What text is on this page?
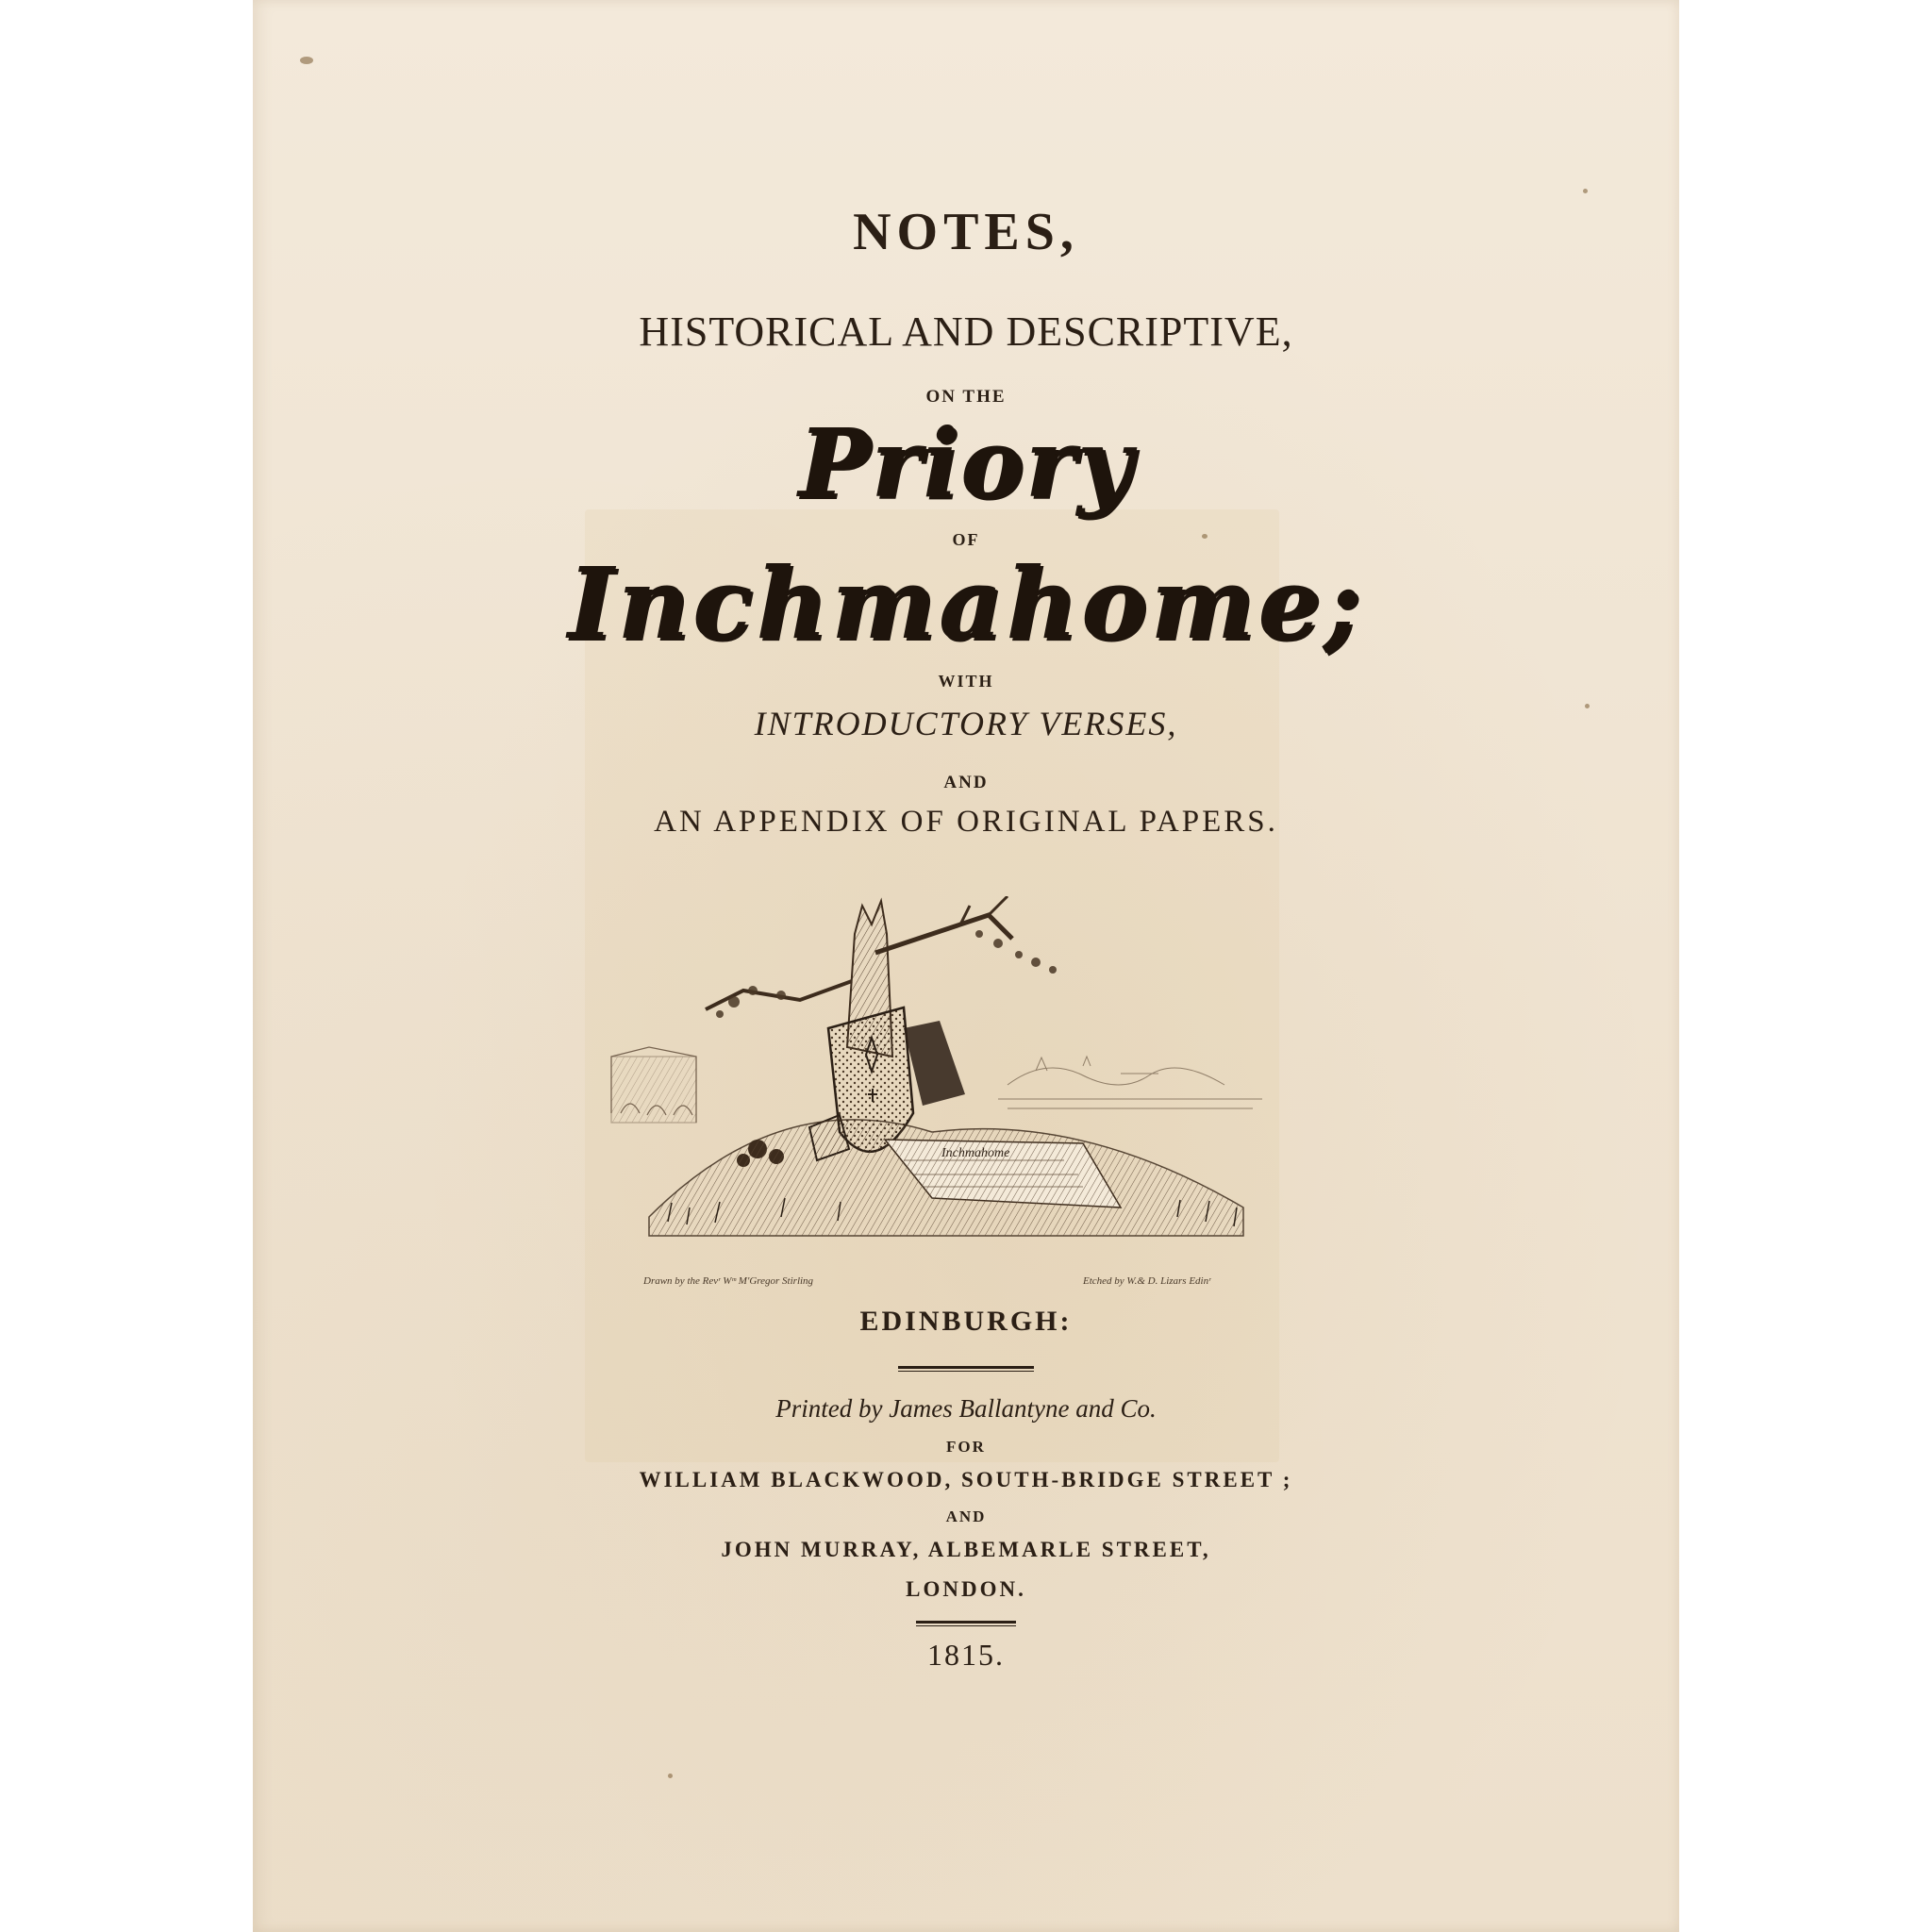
NOTES,
HISTORICAL AND DESCRIPTIVE,
ON THE
Priory
OF
Inchmahome;
WITH
INTRODUCTORY VERSES,
AND
AN APPENDIX OF ORIGINAL PAPERS.
Drawn by the Revʳ Wᵐ M'Gregor Stirling	Etched by W.& D. Lizars Edinʳ
EDINBURGH:
Printed by James Ballantyne and Co.
FOR
WILLIAM BLACKWOOD, SOUTH-BRIDGE STREET ;
AND
JOHN MURRAY, ALBEMARLE STREET,
LONDON.
1815.
